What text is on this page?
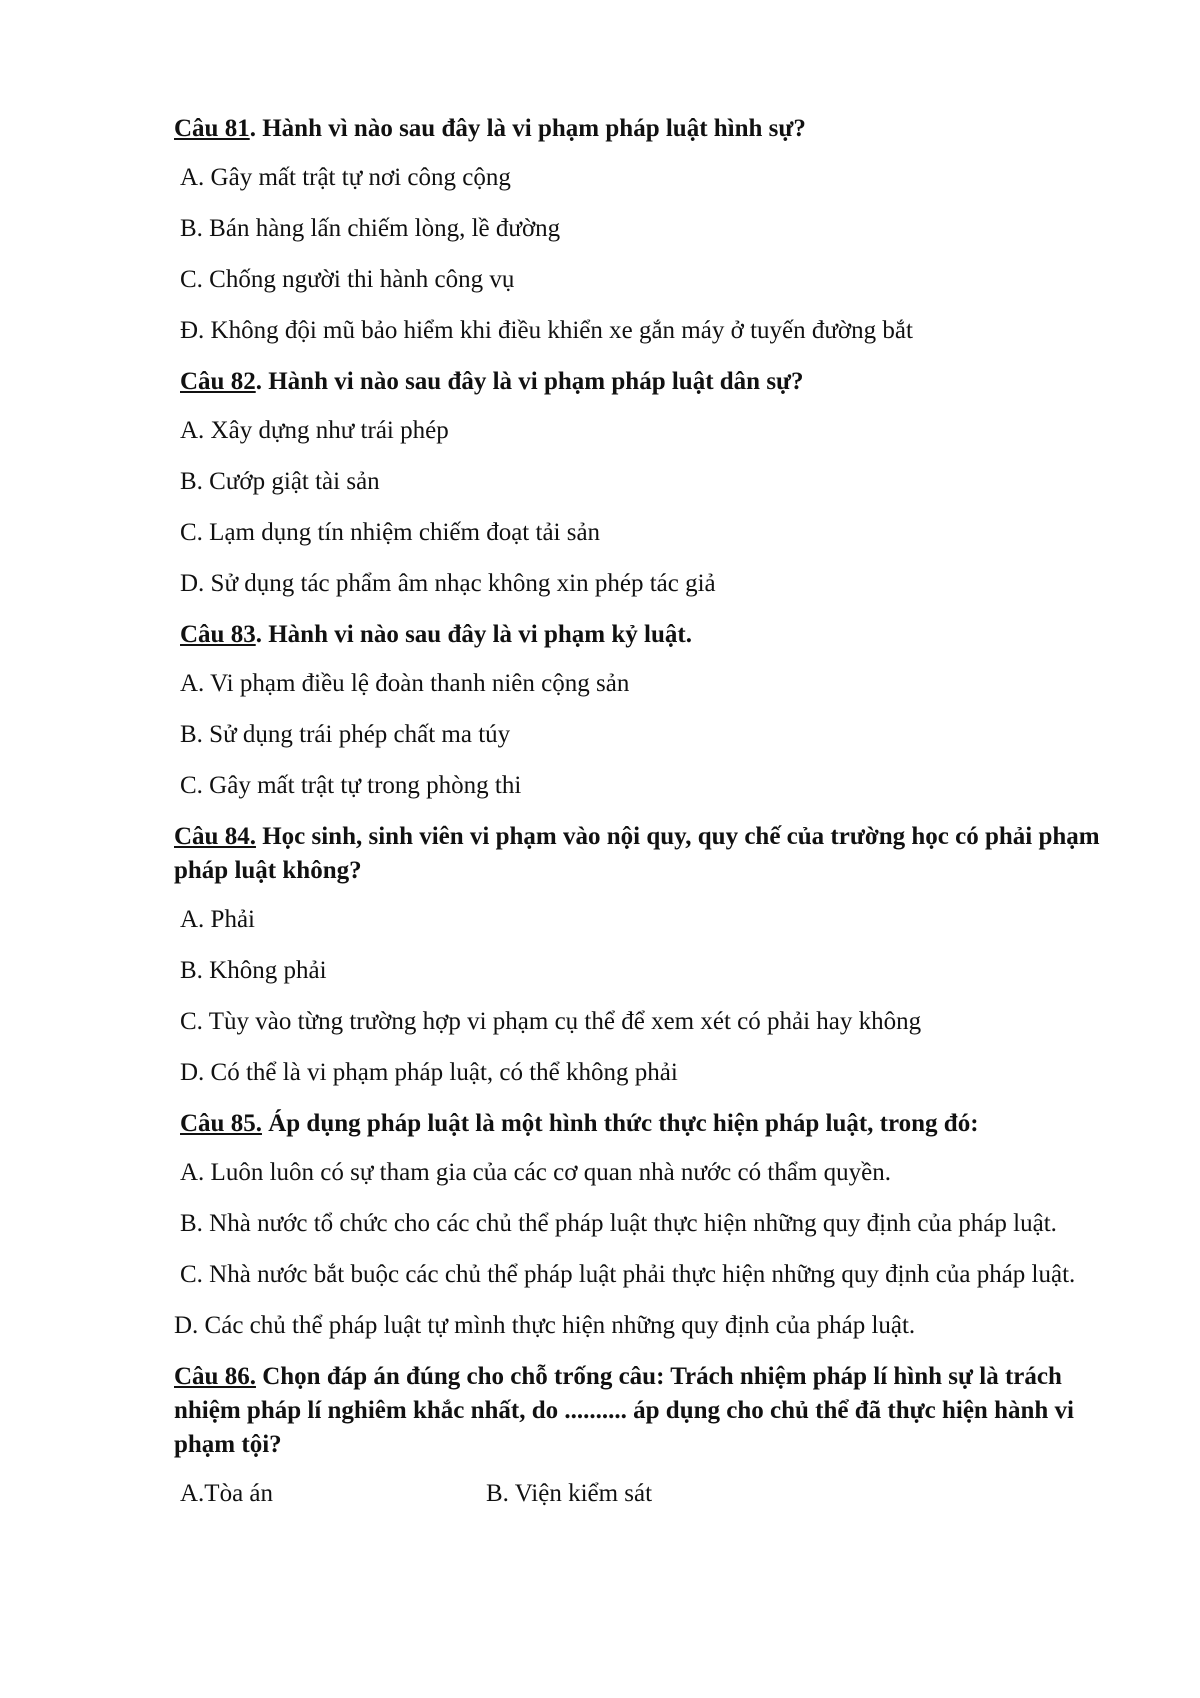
Câu 81. Hành vì nào sau đây là vi phạm pháp luật hình sự?

A. Gây mất trật tự nơi công cộng

B. Bán hàng lấn chiếm lòng, lề đường

C. Chống người thi hành công vụ

Đ. Không đội mũ bảo hiểm khi điều khiển xe gắn máy ở tuyến đường bắt

Câu 82. Hành vi nào sau đây là vi phạm pháp luật dân sự?

A. Xây dựng như trái phép

B. Cướp giật tài sản

C. Lạm dụng tín nhiệm chiếm đoạt tải sản

D. Sử dụng tác phẩm âm nhạc không xin phép tác giả

Câu 83. Hành vi nào sau đây là vi phạm kỷ luật.

A. Vi phạm điều lệ đoàn thanh niên cộng sản

B. Sử dụng trái phép chất ma túy

C. Gây mất trật tự trong phòng thi

Câu 84. Học sinh, sinh viên vi phạm vào nội quy, quy chế của trường học có phải phạm pháp luật không?

A. Phải

B. Không phải

C. Tùy vào từng trường hợp vi phạm cụ thể để xem xét có phải hay không

D. Có thể là vi phạm pháp luật, có thể không phải

Câu 85. Áp dụng pháp luật là một hình thức thực hiện pháp luật, trong đó:

A. Luôn luôn có sự tham gia của các cơ quan nhà nước có thẩm quyền.

B. Nhà nước tổ chức cho các chủ thể pháp luật thực hiện những quy định của pháp luật.

C. Nhà nước bắt buộc các chủ thể pháp luật phải thực hiện những quy định của pháp luật.

D. Các chủ thể pháp luật tự mình thực hiện những quy định của pháp luật.

Câu 86. Chọn đáp án đúng cho chỗ trống câu: Trách nhiệm pháp lí hình sự là trách nhiệm pháp lí nghiêm khắc nhất, do .......... áp dụng cho chủ thể đã thực hiện hành vi phạm tội?

A.Tòa án	B. Viện kiểm sát
